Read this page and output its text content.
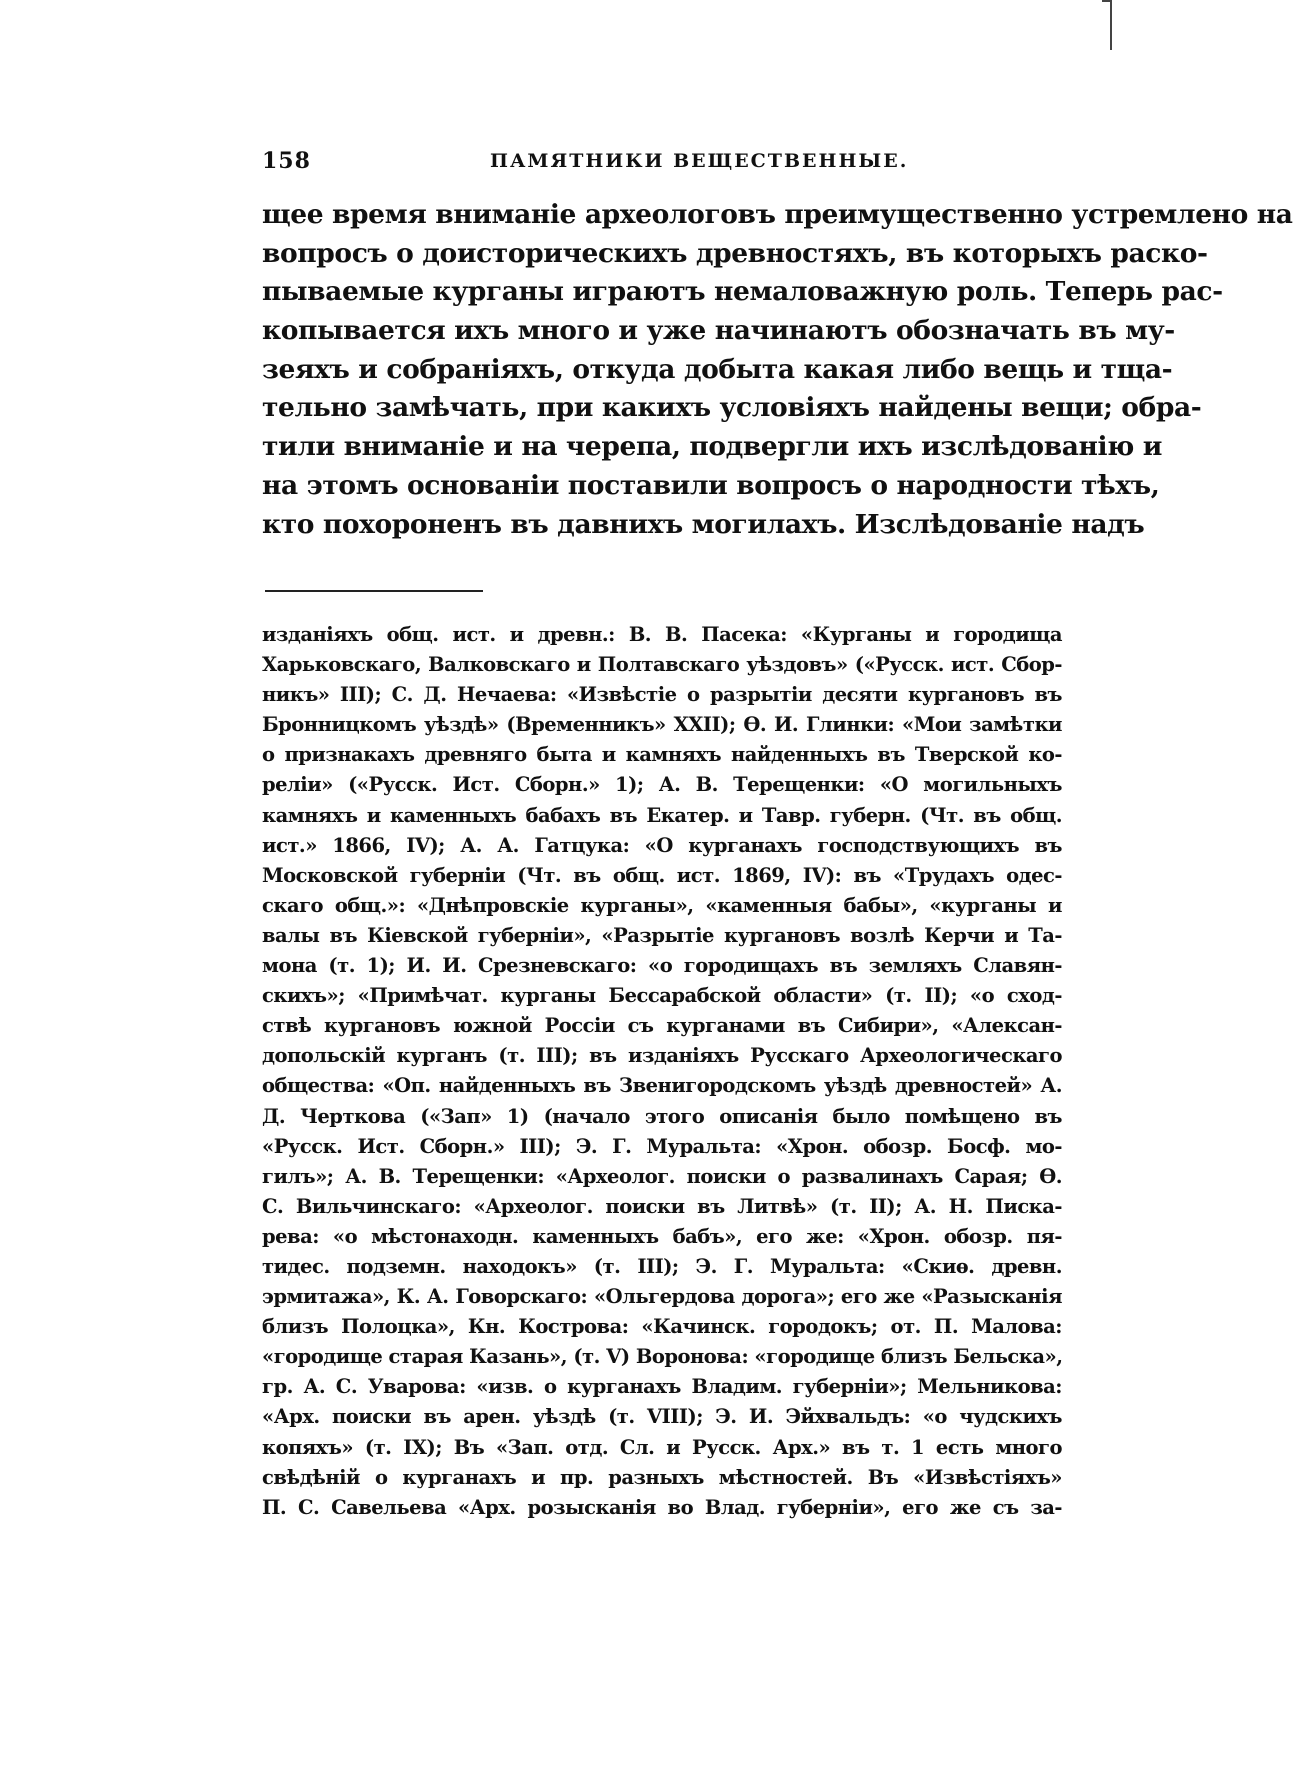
158	ПАМЯТНИКИ ВЕЩЕСТВЕННЫЕ.
щее время вниманіе археологовъ преимущественно устремлено на
вопросъ о доисторическихъ древностяхъ, въ которыхъ раско-
пываемые курганы играютъ немаловажную роль. Теперь рас-
копывается ихъ много и уже начинаютъ обозначать въ му-
зеяхъ и собраніяхъ, откуда добыта какая либо вещь и тща-
тельно замѣчать, при какихъ условіяхъ найдены вещи; обра-
тили вниманіе и на черепа, подвергли ихъ изслѣдованію и
на этомъ основаніи поставили вопросъ о народности тѣхъ,
кто похороненъ въ давнихъ могилахъ. Изслѣдованіе надъ
изданіяхъ общ. ист. и древн.: В. В. Пасека: «Курганы и городища
Харьковскаго, Валковскаго и Полтавскаго уѣздовъ» («Русск. ист. Сбор-
никъ» III); С. Д. Нечаева: «Извѣстіе о разрытіи десяти кургановъ въ
Бронницкомъ уѣздѣ» (Временникъ» XXII); Ѳ. И. Глинки: «Мои замѣтки
о признакахъ древняго быта и камняхъ найденныхъ въ Тверской ко-
реліи» («Русск. Ист. Сборн.» 1); А. В. Терещенки: «О могильныхъ
камняхъ и каменныхъ бабахъ въ Екатер. и Тавр. губерн. (Чт. въ общ.
ист.» 1866, IV); А. А. Гатцука: «О курганахъ господствующихъ въ
Московской губерніи (Чт. въ общ. ист. 1869, IV): въ «Трудахъ одес-
скаго общ.»: «Днѣпровскіе курганы», «каменныя бабы», «курганы и
валы въ Кіевской губерніи», «Разрытіе кургановъ возлѣ Керчи и Та-
мона (т. 1); И. И. Срезневскаго: «о городищахъ въ земляхъ Славян-
скихъ»; «Примѣчат. курганы Бессарабской области» (т. II); «о сход-
ствѣ кургановъ южной Россіи съ курганами въ Сибири», «Алексан-
допольскій курганъ (т. III); въ изданіяхъ Русскаго Археологическаго
общества: «Оп. найденныхъ въ Звенигородскомъ уѣздѣ древностей» А.
Д. Черткова («Зап» 1) (начало этого описанія было помѣщено въ
«Русск. Ист. Сборн.» III); Э. Г. Муральта: «Хрон. обозр. Босф. мо-
гилъ»; А. В. Терещенки: «Археолог. поиски о развалинахъ Сарая; Ѳ.
С. Вильчинскаго: «Археолог. поиски въ Литвѣ» (т. II); А. Н. Писка-
рева: «о мѣстонаходн. каменныхъ бабъ», его же: «Хрон. обозр. пя-
тидес. подземн. находокъ» (т. III); Э. Г. Муральта: «Скиѳ. древн.
эрмитажа», К. А. Говорскаго: «Ольгердова дорога»; его же «Разысканія
близъ Полоцка», Кн. Кострова: «Качинск. городокъ; от. П. Малова:
«городище старая Казань», (т. V) Воронова: «городище близъ Бельска»,
гр. А. С. Уварова: «изв. о курганахъ Владим. губерніи»; Мельникова:
«Арх. поиски въ арен. уѣздѣ (т. VIII); Э. И. Эйхвальдъ: «о чудскихъ
копяхъ» (т. IX); Въ «Зап. отд. Сл. и Русск. Арх.» въ т. 1 есть много
свѣдѣній о курганахъ и пр. разныхъ мѣстностей. Въ «Извѣстіяхъ»
П. С. Савельева «Арх. розысканія во Влад. губерніи», его же съ за-
